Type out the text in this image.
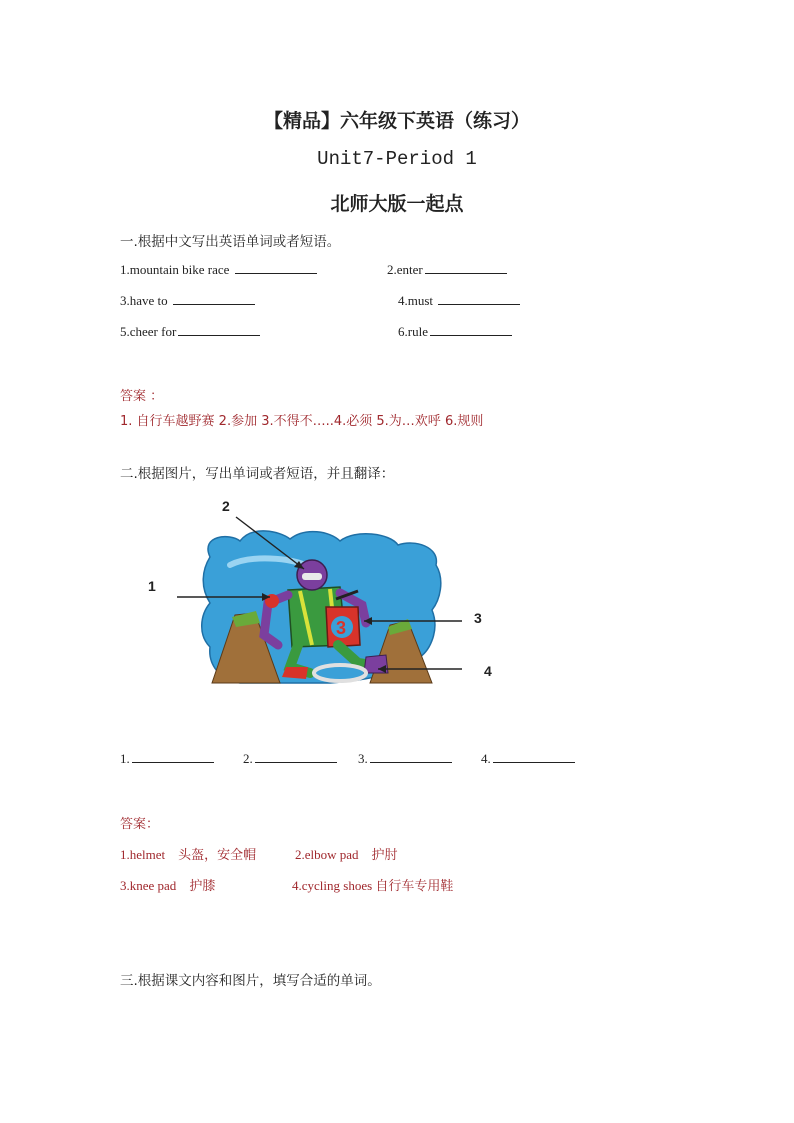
【精品】六年级下英语（练习）
Unit7-Period 1
北师大版一起点
一.根据中文写出英语单词或者短语。
1.mountain bike race	2.enter
3.have to	4.must
5.cheer for	6.rule
答案 ：
1. 自行车越野赛 2.参加 3.不得不…..4.必须 5.为…欢呼 6.规则
二.根据图片，写出单词或者短语，并且翻译：
3
1
2
3
4
1.	2.	3.	4.
答案：
1.helmet 头盔，安全帽	2.elbow pad 护肘
3.knee pad 护膝	4.cycling shoes 自行车专用鞋
三.根据课文内容和图片，填写合适的单词。
